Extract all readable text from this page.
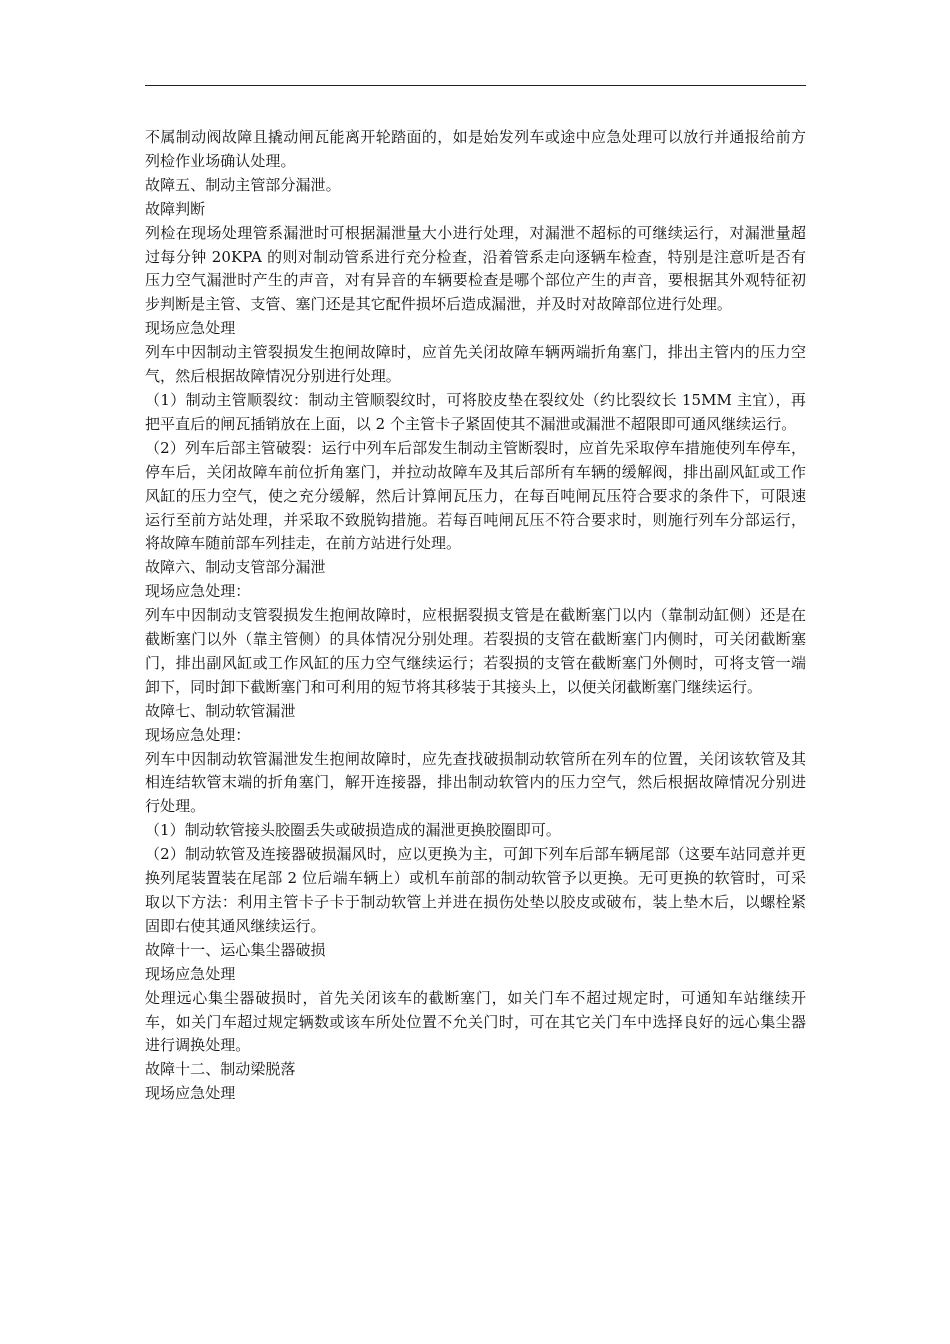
不属制动阀故障且撬动闸瓦能离开轮踏面的，如是始发列车或途中应急处理可以放行并通报给前方列检作业场确认处理。

故障五、制动主管部分漏泄。

故障判断

列检在现场处理管系漏泄时可根据漏泄量大小进行处理，对漏泄不超标的可继续运行，对漏泄量超过每分钟 20KPA 的则对制动管系进行充分检查，沿着管系走向逐辆车检查，特别是注意听是否有压力空气漏泄时产生的声音，对有异音的车辆要检查是哪个部位产生的声音，要根据其外观特征初步判断是主管、支管、塞门还是其它配件损坏后造成漏泄，并及时对故障部位进行处理。

现场应急处理

列车中因制动主管裂损发生抱闸故障时，应首先关闭故障车辆两端折角塞门，排出主管内的压力空气，然后根据故障情况分别进行处理。

（1）制动主管顺裂纹：制动主管顺裂纹时，可将胶皮垫在裂纹处（约比裂纹长 15MM 主宜），再把平直后的闸瓦插销放在上面，以 2 个主管卡子紧固使其不漏泄或漏泄不超限即可通风继续运行。

（2）列车后部主管破裂：运行中列车后部发生制动主管断裂时，应首先采取停车措施使列车停车，停车后，关闭故障车前位折角塞门，并拉动故障车及其后部所有车辆的缓解阀，排出副风缸或工作风缸的压力空气，使之充分缓解，然后计算闸瓦压力，在每百吨闸瓦压符合要求的条件下，可限速运行至前方站处理，并采取不致脱钩措施。若每百吨闸瓦压不符合要求时，则施行列车分部运行，将故障车随前部车列挂走，在前方站进行处理。

故障六、制动支管部分漏泄

现场应急处理：

列车中因制动支管裂损发生抱闸故障时，应根据裂损支管是在截断塞门以内（靠制动缸侧）还是在截断塞门以外（靠主管侧）的具体情况分别处理。若裂损的支管在截断塞门内侧时，可关闭截断塞门，排出副风缸或工作风缸的压力空气继续运行；若裂损的支管在截断塞门外侧时，可将支管一端卸下，同时卸下截断塞门和可利用的短节将其移装于其接头上，以便关闭截断塞门继续运行。

故障七、制动软管漏泄

现场应急处理：

列车中因制动软管漏泄发生抱闸故障时，应先查找破损制动软管所在列车的位置，关闭该软管及其相连结软管末端的折角塞门，解开连接器，排出制动软管内的压力空气，然后根据故障情况分别进行处理。

（1）制动软管接头胶圈丢失或破损造成的漏泄更换胶圈即可。

（2）制动软管及连接器破损漏风时，应以更换为主，可卸下列车后部车辆尾部（这要车站同意并更换列尾装置装在尾部 2 位后端车辆上）或机车前部的制动软管予以更换。无可更换的软管时，可采取以下方法：利用主管卡子卡于制动软管上并进在损伤处垫以胶皮或破布，装上垫木后，以螺栓紧固即右使其通风继续运行。

故障十一、运心集尘器破损

现场应急处理

处理远心集尘器破损时，首先关闭该车的截断塞门，如关门车不超过规定时，可通知车站继续开车，如关门车超过规定辆数或该车所处位置不允关门时，可在其它关门车中选择良好的远心集尘器进行调换处理。

故障十二、制动梁脱落

现场应急处理
